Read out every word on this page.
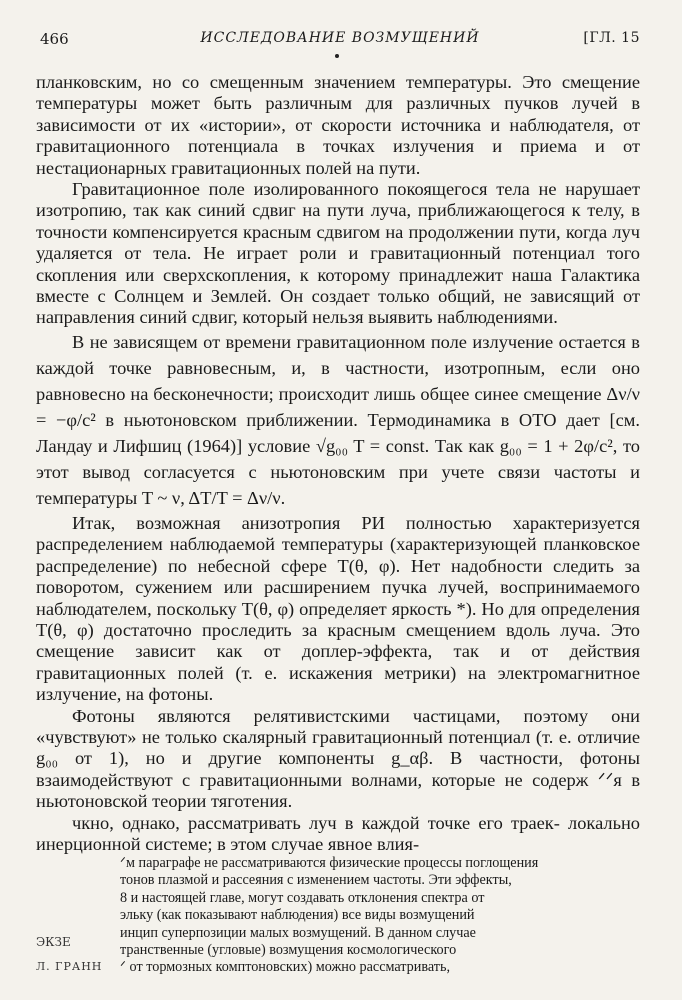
466	ИССЛЕДОВАНИЕ ВОЗМУЩЕНИЙ	[ГЛ. 15

планковским, но со смещенным значением температуры. Это смещение температуры может быть различным для различных пучков лучей в зависимости от их «истории», от скорости источника и наблюдателя, от гравитационного потенциала в точках излучения и приема и от нестационарных гравитационных полей на пути.

Гравитационное поле изолированного покоящегося тела не нарушает изотропию, так как синий сдвиг на пути луча, приближающегося к телу, в точности компенсируется красным сдвигом на продолжении пути, когда луч удаляется от тела. Не играет роли и гравитационный потенциал того скопления или сверхскопления, к которому принадлежит наша Галактика вместе с Солнцем и Землей. Он создает только общий, не зависящий от направления синий сдвиг, который нельзя выявить наблюдениями.

В не зависящем от времени гравитационном поле излучение остается в каждой точке равновесным, и, в частности, изотропным, если оно равновесно на бесконечности; происходит лишь общее синее смещение Δν/ν = −φ/c² в ньютоновском приближении. Термодинамика в ОТО дает [см. Ландау и Лифшиц (1964)] условие √g₀₀ T = const. Так как g₀₀ = 1 + 2φ/c², то этот вывод согласуется с ньютоновским при учете связи частоты и температуры T ~ ν, ΔT/T = Δν/ν.

Итак, возможная анизотропия РИ полностью характеризуется распределением наблюдаемой температуры (характеризующей планковское распределение) по небесной сфере T(θ, φ). Нет надобности следить за поворотом, сужением или расширением пучка лучей, воспринимаемого наблюдателем, поскольку T(θ, φ) определяет яркость *). Но для определения T(θ, φ) достаточно проследить за красным смещением вдоль луча. Это смещение зависит как от доплер-эффекта, так и от действия гравитационных полей (т. е. искажения метрики) на электромагнитное излучение, на фотоны.

Фотоны являются релятивистскими частицами, поэтому они «чувствуют» не только скалярный гравитационный потенциал (т. е. отличие g₀₀ от 1), но и другие компоненты g_αβ. В частности, фотоны взаимодействуют с гравитационными волнами, которые не содерж ᐟᐟя в ньютоновской теории тяготения.

чкно, однако, рассматривать луч в каждой точке его траек- локально инерционной системе; в этом случае явное влия-

ᐟм параграфе не рассматриваются физические процессы поглощения

тонов плазмой и рассеяния с изменением частоты. Эти эффекты,

8 и настоящей главе, могут создавать отклонения спектра от

эльку (как показывают наблюдения) все виды возмущений

инцип суперпозиции малых возмущений. В данном случае

транственные (угловые) возмущения космологического

ᐟ от тормозных комптоновских) можно рассматривать,

ЭКЗЕ
Л. ГРАНН
